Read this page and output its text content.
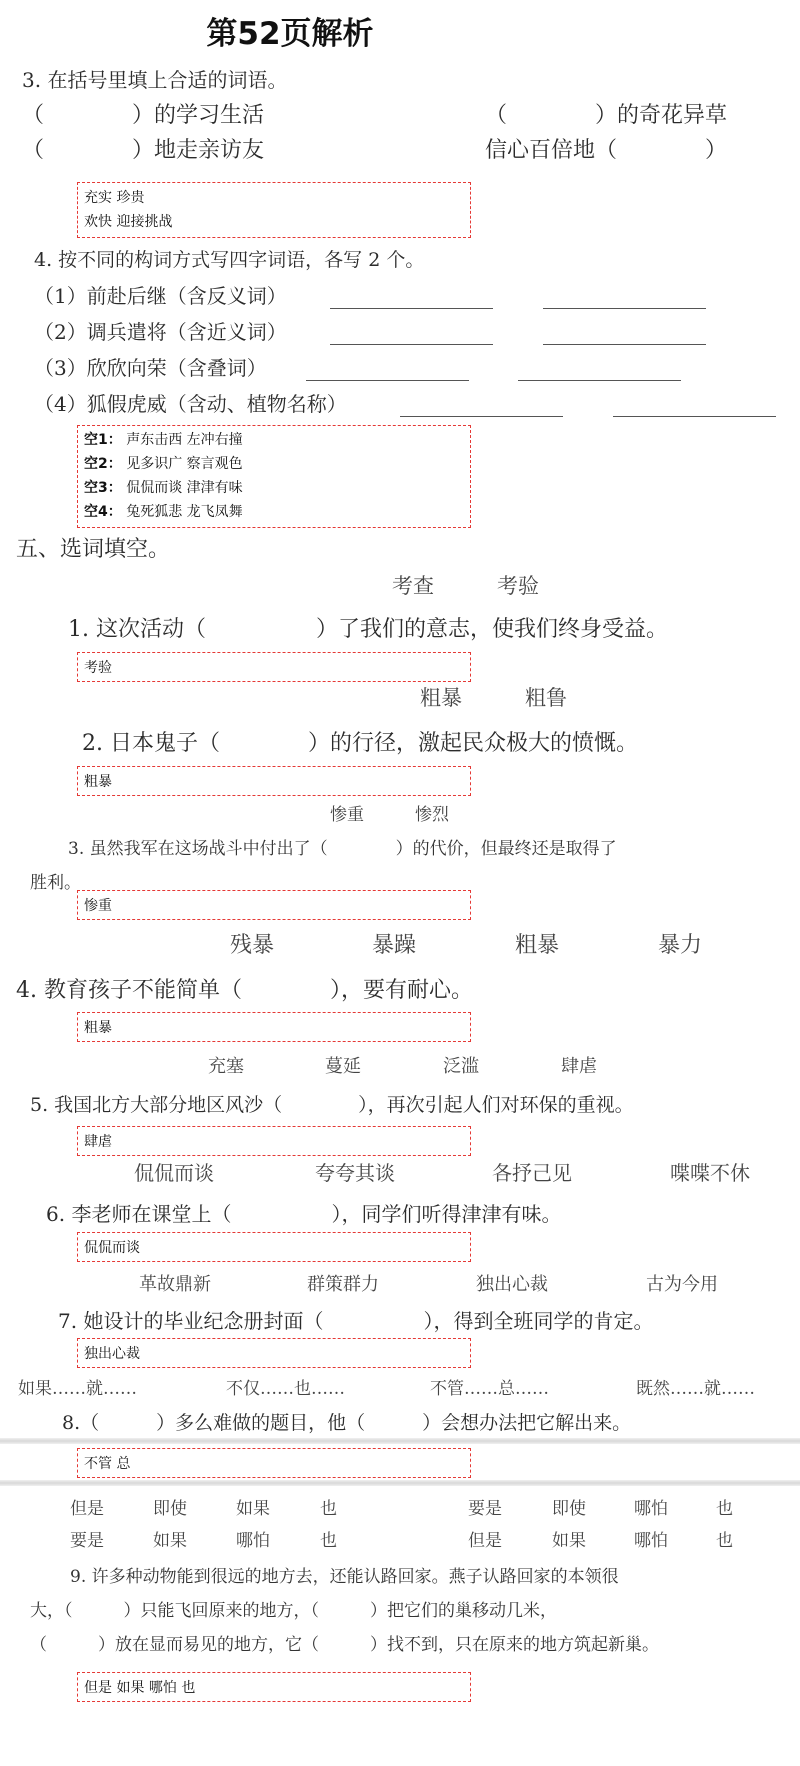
第52页解析
3. 在括号里填上合适的词语。
（　　　　）的学习生活	（　　　　）的奇花异草
（　　　　）地走亲访友	信心百倍地（　　　　）
充实 珍贵
欢快 迎接挑战
4. 按不同的构词方式写四字词语，各写 2 个。
（1）前赴后继（含反义词）
（2）调兵遣将（含近义词）
（3）欣欣向荣（含叠词）
（4）狐假虎威（含动、植物名称）
空1： 声东击西 左冲右撞
空2： 见多识广 察言观色
空3： 侃侃而谈 津津有味
空4： 兔死狐悲 龙飞凤舞
五、选词填空。
考查　　　考验
1. 这次活动（　　　　　）了我们的意志，使我们终身受益。
考验
粗暴　　　粗鲁
2. 日本鬼子（　　　　）的行径，激起民众极大的愤慨。
粗暴
惨重　　　惨烈
3. 虽然我军在这场战斗中付出了（　　　　）的代价，但最终还是取得了
胜利。
惨重
残暴	暴躁	粗暴	暴力
4. 教育孩子不能简单（　　　　），要有耐心。
粗暴
充塞	蔓延	泛滥	肆虐
5. 我国北方大部分地区风沙（　　　　），再次引起人们对环保的重视。
肆虐
侃侃而谈	夸夸其谈	各抒己见	喋喋不休
6. 李老师在课堂上（　　　　　），同学们听得津津有味。
侃侃而谈
革故鼎新	群策群力	独出心裁	古为今用
7. 她设计的毕业纪念册封面（　　　　　），得到全班同学的肯定。
独出心裁
如果……就……	不仅……也……	不管……总……	既然……就……
8.（　　　）多么难做的题目，他（　　　）会想办法把它解出来。
不管 总
但是	即使	如果	也	要是	即使	哪怕	也
要是	如果	哪怕	也	但是	如果	哪怕	也
9. 许多种动物能到很远的地方去，还能认路回家。燕子认路回家的本领很
大，（　　　）只能飞回原来的地方，（　　　）把它们的巢移动几米，
（　　　）放在显而易见的地方，它（　　　）找不到，只在原来的地方筑起新巢。
但是 如果 哪怕 也
